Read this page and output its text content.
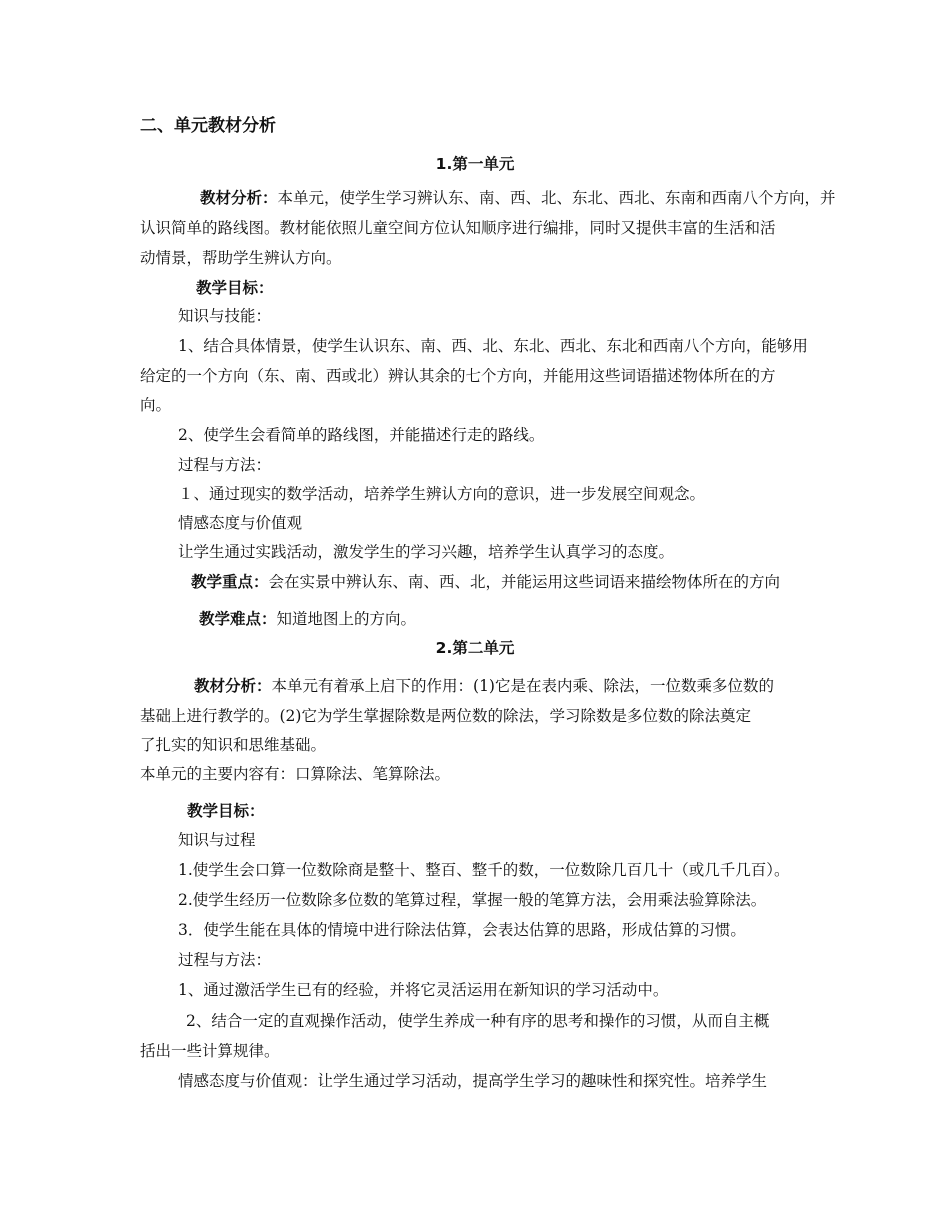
二、单元教材分析
1.第一单元
教材分析：本单元，使学生学习辨认东、南、西、北、东北、西北、东南和西南八个方向，并
认识简单的路线图。教材能依照儿童空间方位认知顺序进行编排，同时又提供丰富的生活和活
动情景，帮助学生辨认方向。
教学目标：
知识与技能：
1、结合具体情景，使学生认识东、南、西、北、东北、西北、东北和西南八个方向，能够用
给定的一个方向（东、南、西或北）辨认其余的七个方向，并能用这些词语描述物体所在的方
向。
2、使学生会看简单的路线图，并能描述行走的路线。
过程与方法：
１、通过现实的数学活动，培养学生辨认方向的意识，进一步发展空间观念。
情感态度与价值观
让学生通过实践活动，激发学生的学习兴趣，培养学生认真学习的态度。
教学重点：会在实景中辨认东、南、西、北，并能运用这些词语来描绘物体所在的方向
教学难点：知道地图上的方向。
2.第二单元
教材分析：本单元有着承上启下的作用：(1)它是在表内乘、除法，一位数乘多位数的
基础上进行教学的。(2)它为学生掌握除数是两位数的除法，学习除数是多位数的除法奠定
了扎实的知识和思维基础。
本单元的主要内容有：口算除法、笔算除法。
教学目标：
知识与过程
1.使学生会口算一位数除商是整十、整百、整千的数，一位数除几百几十（或几千几百）。
2.使学生经历一位数除多位数的笔算过程，掌握一般的笔算方法，会用乘法验算除法。
3．使学生能在具体的情境中进行除法估算，会表达估算的思路，形成估算的习惯。
过程与方法：
1、通过激活学生已有的经验，并将它灵活运用在新知识的学习活动中。
2、结合一定的直观操作活动，使学生养成一种有序的思考和操作的习惯，从而自主概
括出一些计算规律。
情感态度与价值观：让学生通过学习活动，提高学生学习的趣味性和探究性。培养学生
